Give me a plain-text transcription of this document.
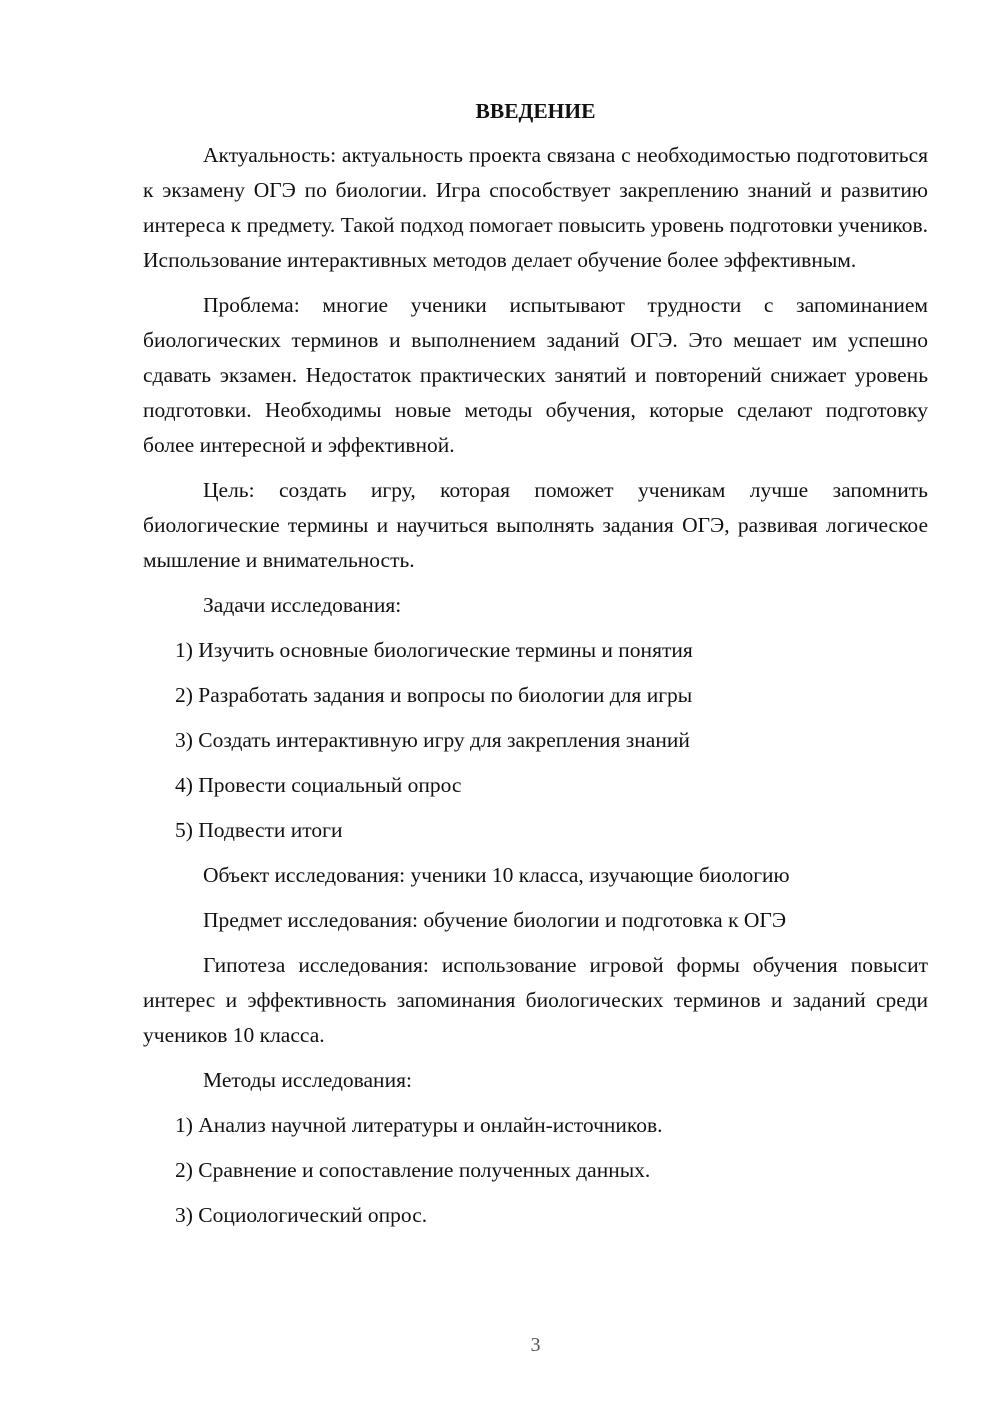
ВВЕДЕНИЕ

Актуальность: актуальность проекта связана с необходимостью подготовиться к экзамену ОГЭ по биологии. Игра способствует закреплению знаний и развитию интереса к предмету. Такой подход помогает повысить уровень подготовки учеников. Использование интерактивных методов делает обучение более эффективным.

Проблема: многие ученики испытывают трудности с запоминанием биологических терминов и выполнением заданий ОГЭ. Это мешает им успешно сдавать экзамен. Недостаток практических занятий и повторений снижает уровень подготовки. Необходимы новые методы обучения, которые сделают подготовку более интересной и эффективной.

Цель: создать игру, которая поможет ученикам лучше запомнить биологические термины и научиться выполнять задания ОГЭ, развивая логическое мышление и внимательность.

Задачи исследования:

1) Изучить основные биологические термины и понятия
2) Разработать задания и вопросы по биологии для игры
3) Создать интерактивную игру для закрепления знаний
4) Провести социальный опрос
5) Подвести итоги

Объект исследования: ученики 10 класса, изучающие биологию

Предмет исследования: обучение биологии и подготовка к ОГЭ

Гипотеза исследования: использование игровой формы обучения повысит интерес и эффективность запоминания биологических терминов и заданий среди учеников 10 класса.

Методы исследования:

1) Анализ научной литературы и онлайн-источников.
2) Сравнение и сопоставление полученных данных.
3) Социологический опрос.
3
